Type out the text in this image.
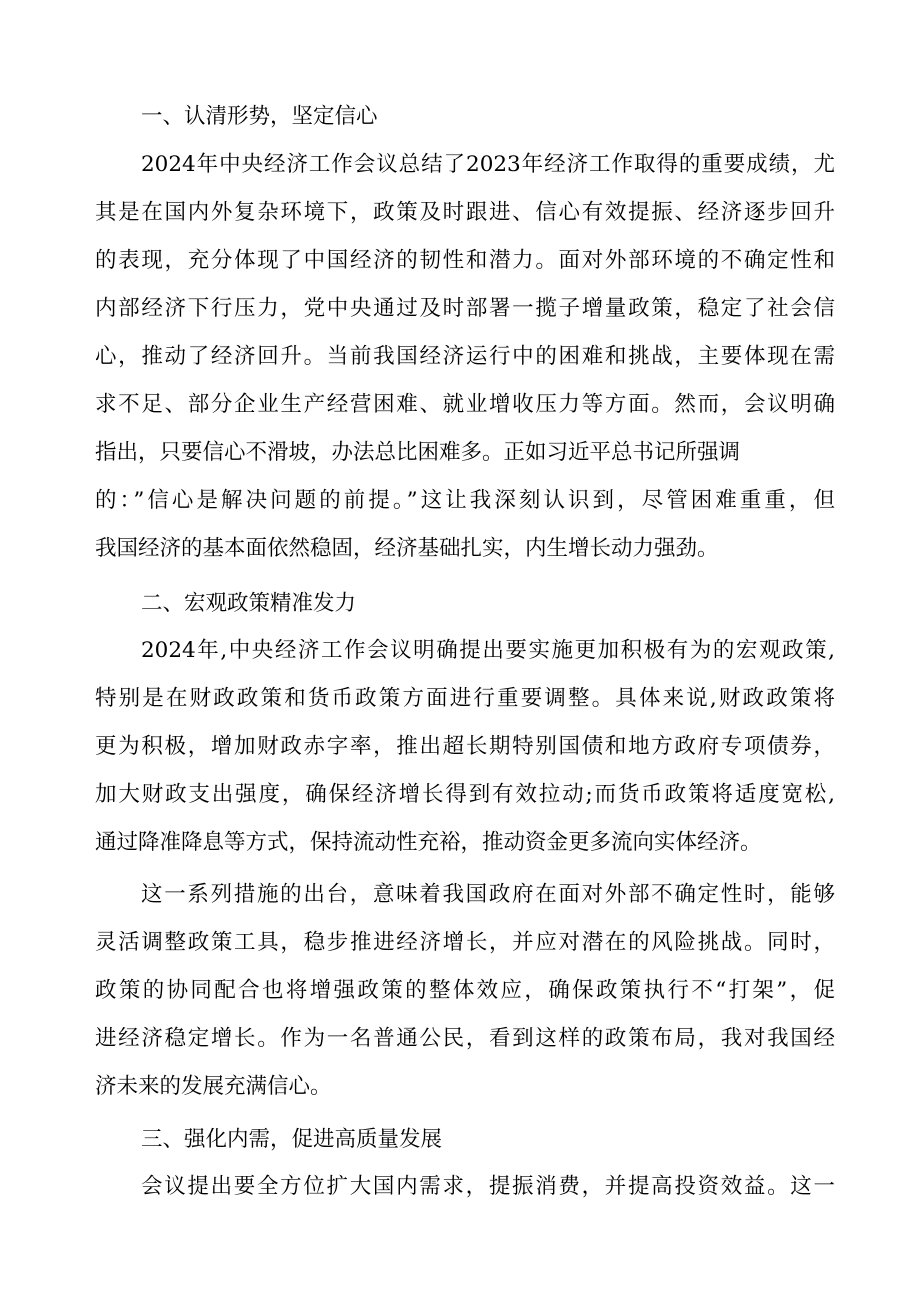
一、认清形势，坚定信心
2024年中央经济工作会议总结了2023年经济工作取得的重要成绩，尤
其是在国内外复杂环境下，政策及时跟进、信心有效提振、经济逐步回升
的表现，充分体现了中国经济的韧性和潜力。面对外部环境的不确定性和
内部经济下行压力，党中央通过及时部署一揽子增量政策，稳定了社会信
心，推动了经济回升。当前我国经济运行中的困难和挑战，主要体现在需
求不足、部分企业生产经营困难、就业增收压力等方面。然而，会议明确
指出，只要信心不滑坡，办法总比困难多。正如习近平总书记所强调
的：”信心是解决问题的前提。”这让我深刻认识到，尽管困难重重，但
我国经济的基本面依然稳固，经济基础扎实，内生增长动力强劲。
二、宏观政策精准发力
2024年,中央经济工作会议明确提出要实施更加积极有为的宏观政策,
特别是在财政政策和货币政策方面进行重要调整。具体来说,财政政策将
更为积极，增加财政赤字率，推出超长期特别国债和地方政府专项债券，
加大财政支出强度，确保经济增长得到有效拉动;而货币政策将适度宽松,
通过降准降息等方式，保持流动性充裕，推动资金更多流向实体经济。
这一系列措施的出台，意味着我国政府在面对外部不确定性时，能够
灵活调整政策工具，稳步推进经济增长，并应对潜在的风险挑战。同时，
政策的协同配合也将增强政策的整体效应，确保政策执行不“打架”，促
进经济稳定增长。作为一名普通公民，看到这样的政策布局，我对我国经
济未来的发展充满信心。
三、强化内需，促进高质量发展
会议提出要全方位扩大国内需求，提振消费，并提高投资效益。这一
